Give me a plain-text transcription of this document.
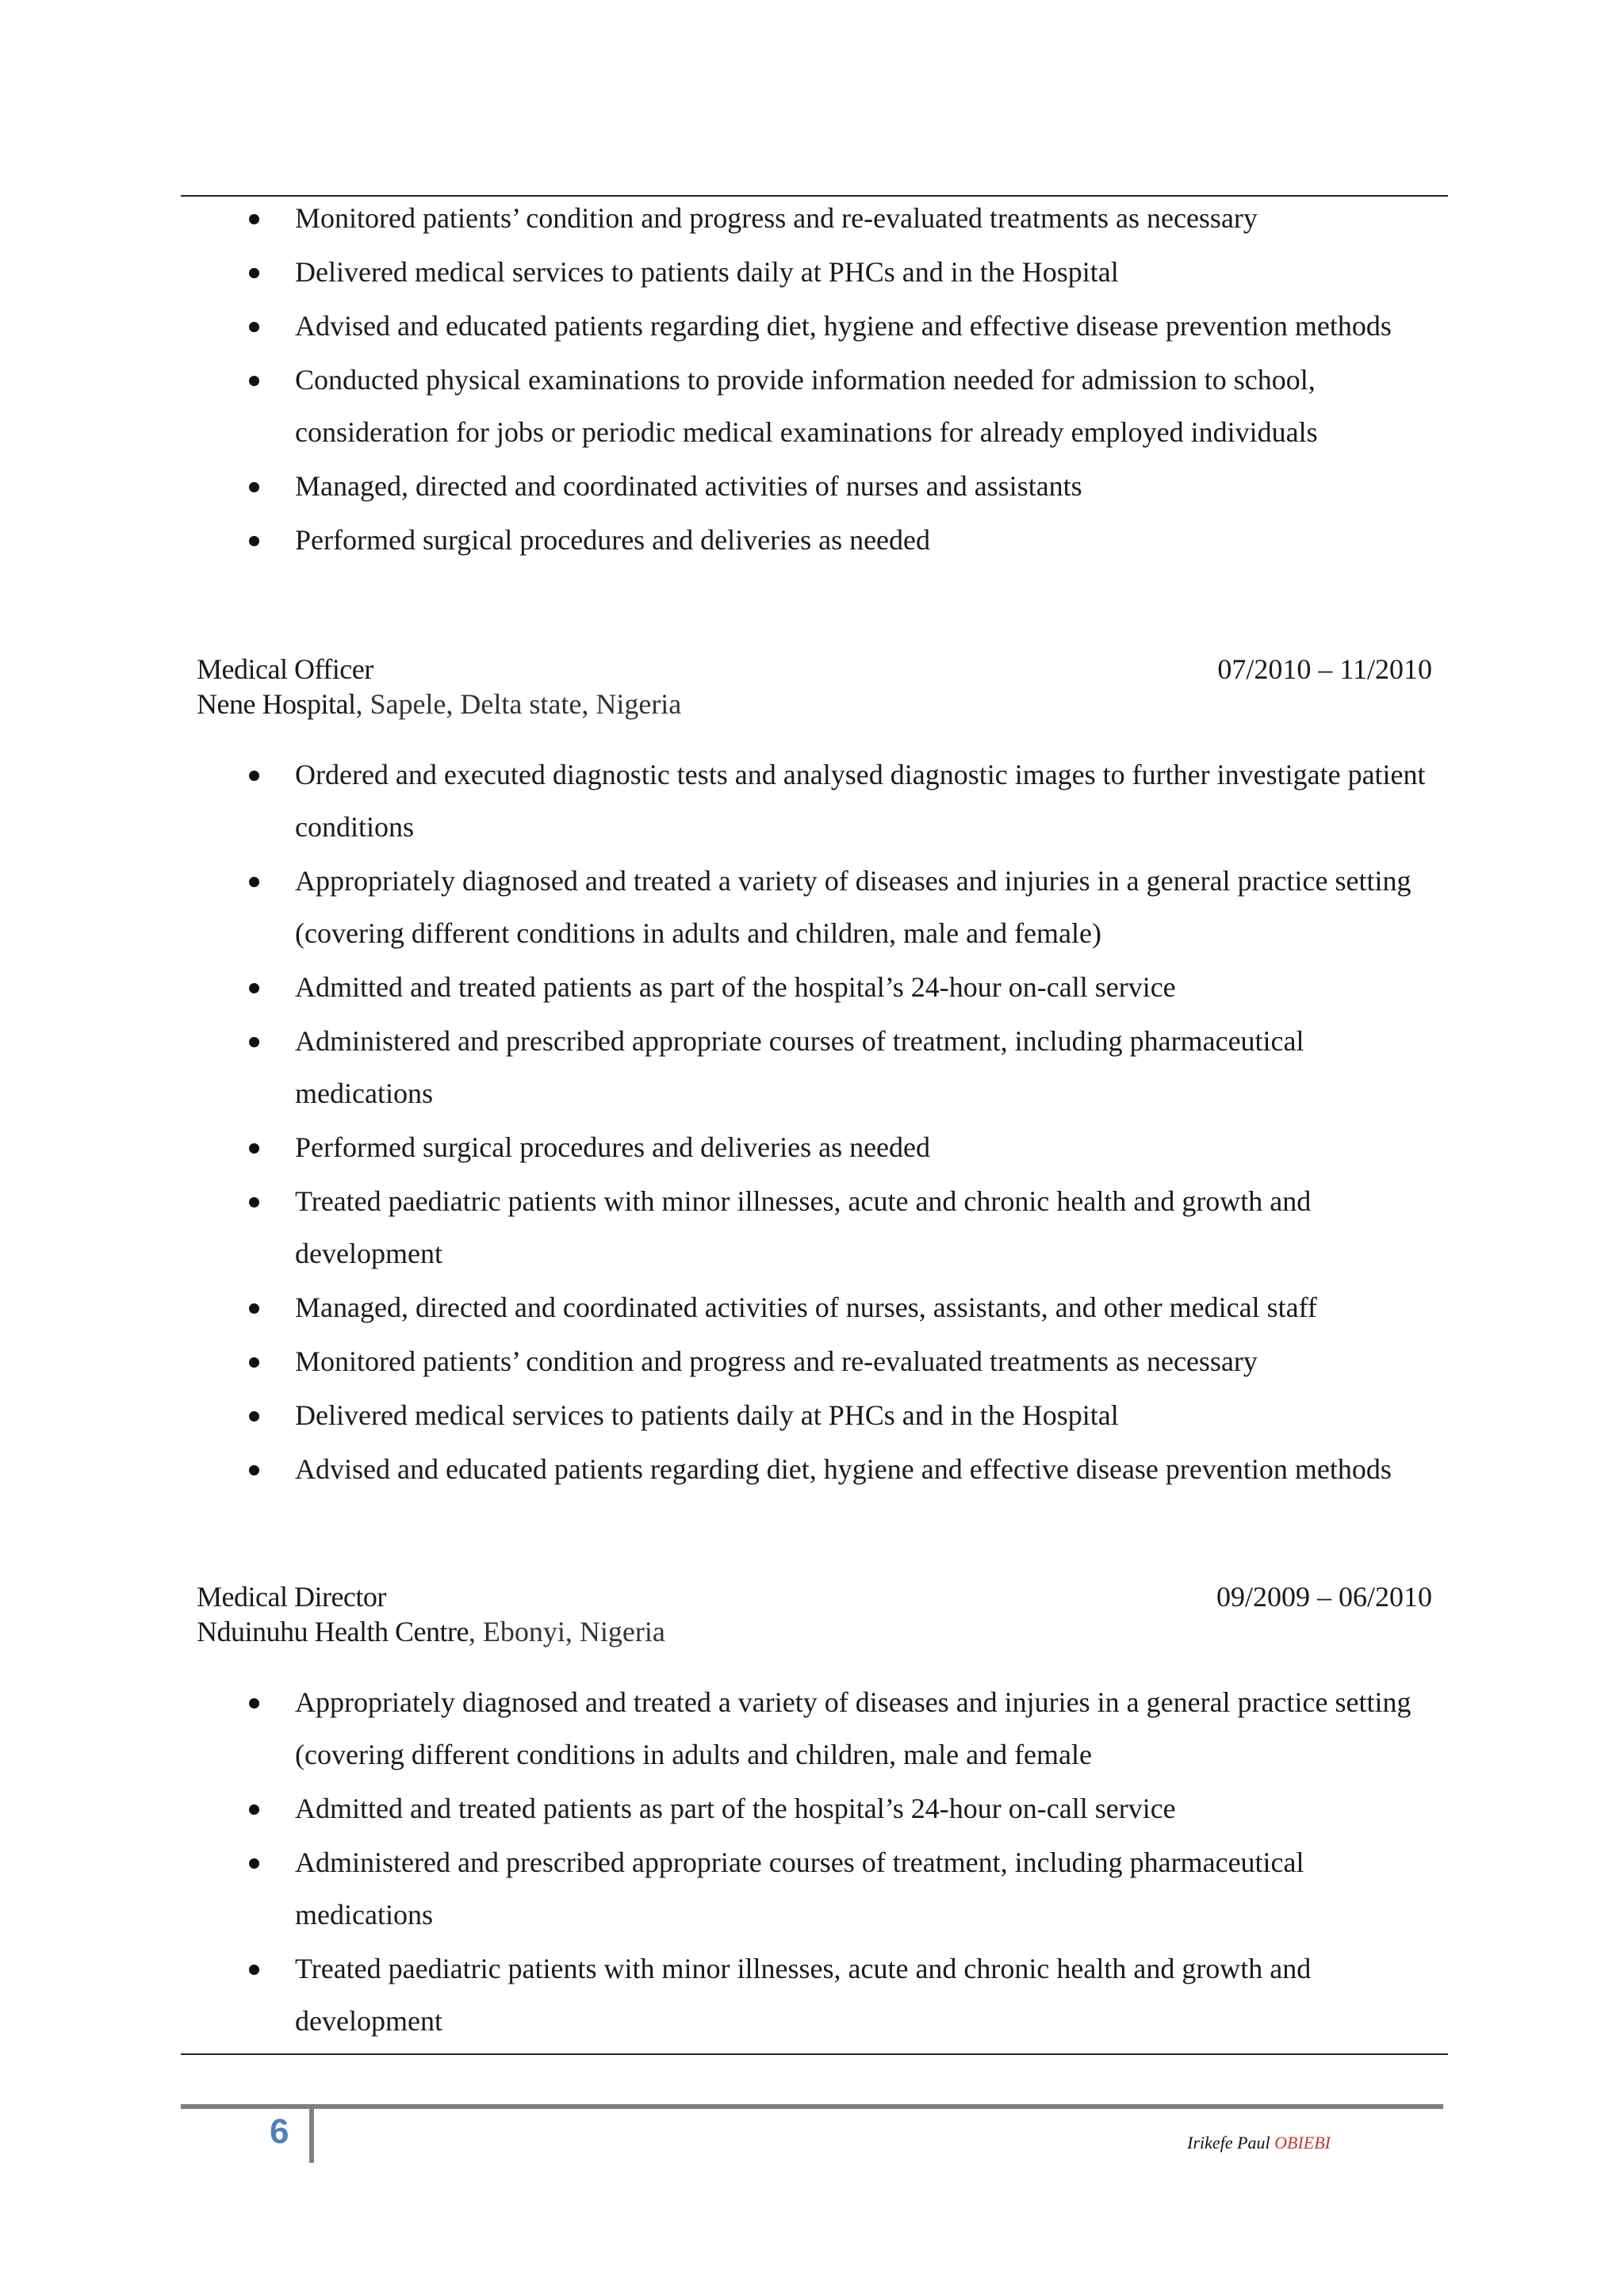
Monitored patients’ condition and progress and re-evaluated treatments as necessary
Delivered medical services to patients daily at PHCs and in the Hospital
Advised and educated patients regarding diet, hygiene and effective disease prevention methods
Conducted physical examinations to provide information needed for admission to school, consideration for jobs or periodic medical examinations for already employed individuals
Managed, directed and coordinated activities of nurses and assistants
Performed surgical procedures and deliveries as needed
Medical Officer	07/2010 – 11/2010
Nene Hospital, Sapele, Delta state, Nigeria
Ordered and executed diagnostic tests and analysed diagnostic images to further investigate patient conditions
Appropriately diagnosed and treated a variety of diseases and injuries in a general practice setting (covering different conditions in adults and children, male and female)
Admitted and treated patients as part of the hospital’s 24-hour on-call service
Administered and prescribed appropriate courses of treatment, including pharmaceutical medications
Performed surgical procedures and deliveries as needed
Treated paediatric patients with minor illnesses, acute and chronic health and growth and development
Managed, directed and coordinated activities of nurses, assistants, and other medical staff
Monitored patients’ condition and progress and re-evaluated treatments as necessary
Delivered medical services to patients daily at PHCs and in the Hospital
Advised and educated patients regarding diet, hygiene and effective disease prevention methods
Medical Director	09/2009 – 06/2010
Nduinuhu Health Centre, Ebonyi, Nigeria
Appropriately diagnosed and treated a variety of diseases and injuries in a general practice setting (covering different conditions in adults and children, male and female
Admitted and treated patients as part of the hospital’s 24-hour on-call service
Administered and prescribed appropriate courses of treatment, including pharmaceutical medications
Treated paediatric patients with minor illnesses, acute and chronic health and growth and development
6	Irikefe Paul OBIEBI
